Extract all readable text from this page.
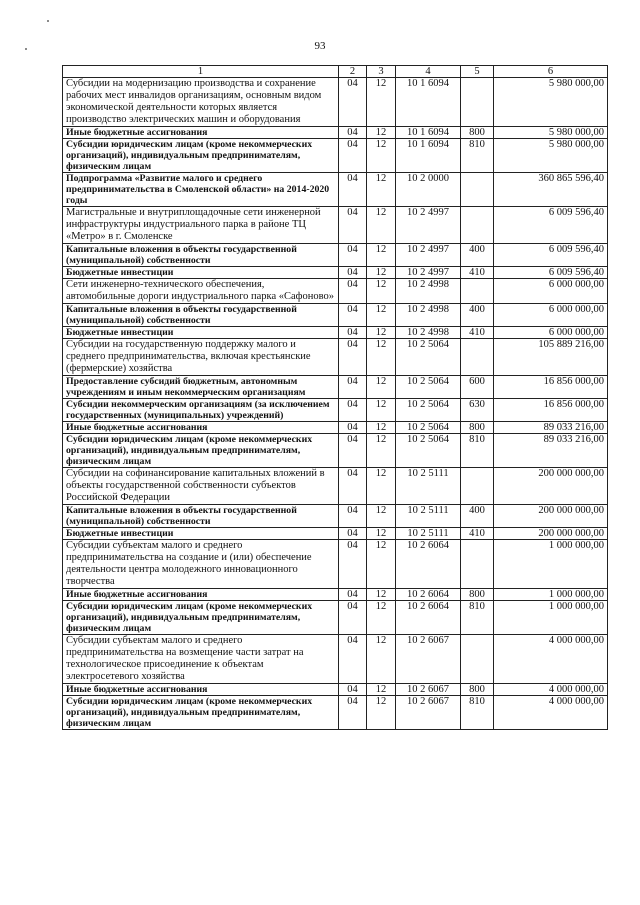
93
1	2	3	4	5	6
Субсидии на модернизацию производства и сохранение рабочих мест инвалидов организациям, основным видом экономической деятельности которых является производство электрических машин и оборудования	04	12	10 1 6094		5 980 000,00
Иные бюджетные ассигнования	04	12	10 1 6094	800	5 980 000,00
Субсидии юридическим лицам (кроме некоммерческих организаций), индивидуальным предпринимателям, физическим лицам	04	12	10 1 6094	810	5 980 000,00
Подпрограмма «Развитие малого и среднего предпринимательства в Смоленской области» на 2014-2020 годы	04	12	10 2 0000		360 865 596,40
Магистральные и внутриплощадочные сети инженерной инфраструктуры индустриального парка в районе ТЦ «Метро» в г. Смоленске	04	12	10 2 4997		6 009 596,40
Капитальные вложения в объекты государственной (муниципальной) собственности	04	12	10 2 4997	400	6 009 596,40
Бюджетные инвестиции	04	12	10 2 4997	410	6 009 596,40
Сети инженерно-технического обеспечения, автомобильные дороги индустриального парка «Сафоново»	04	12	10 2 4998		6 000 000,00
Капитальные вложения в объекты государственной (муниципальной) собственности	04	12	10 2 4998	400	6 000 000,00
Бюджетные инвестиции	04	12	10 2 4998	410	6 000 000,00
Субсидии на государственную поддержку малого и среднего предпринимательства, включая крестьянские (фермерские) хозяйства	04	12	10 2 5064		105 889 216,00
Предоставление субсидий бюджетным, автономным учреждениям и иным некоммерческим организациям	04	12	10 2 5064	600	16 856 000,00
Субсидии некоммерческим организациям (за исключением государственных (муниципальных) учреждений)	04	12	10 2 5064	630	16 856 000,00
Иные бюджетные ассигнования	04	12	10 2 5064	800	89 033 216,00
Субсидии юридическим лицам (кроме некоммерческих организаций), индивидуальным предпринимателям, физическим лицам	04	12	10 2 5064	810	89 033 216,00
Субсидии на софинансирование капитальных вложений в объекты государственной собственности субъектов Российской Федерации	04	12	10 2 5111		200 000 000,00
Капитальные вложения в объекты государственной (муниципальной) собственности	04	12	10 2 5111	400	200 000 000,00
Бюджетные инвестиции	04	12	10 2 5111	410	200 000 000,00
Субсидии субъектам малого и среднего предпринимательства на создание и (или) обеспечение деятельности центра молодежного инновационного творчества	04	12	10 2 6064		1 000 000,00
Иные бюджетные ассигнования	04	12	10 2 6064	800	1 000 000,00
Субсидии юридическим лицам (кроме некоммерческих организаций), индивидуальным предпринимателям, физическим лицам	04	12	10 2 6064	810	1 000 000,00
Субсидии субъектам малого и среднего предпринимательства на возмещение части затрат на технологическое присоединение к объектам электросетевого хозяйства	04	12	10 2 6067		4 000 000,00
Иные бюджетные ассигнования	04	12	10 2 6067	800	4 000 000,00
Субсидии юридическим лицам (кроме некоммерческих организаций), индивидуальным предпринимателям, физическим лицам	04	12	10 2 6067	810	4 000 000,00
